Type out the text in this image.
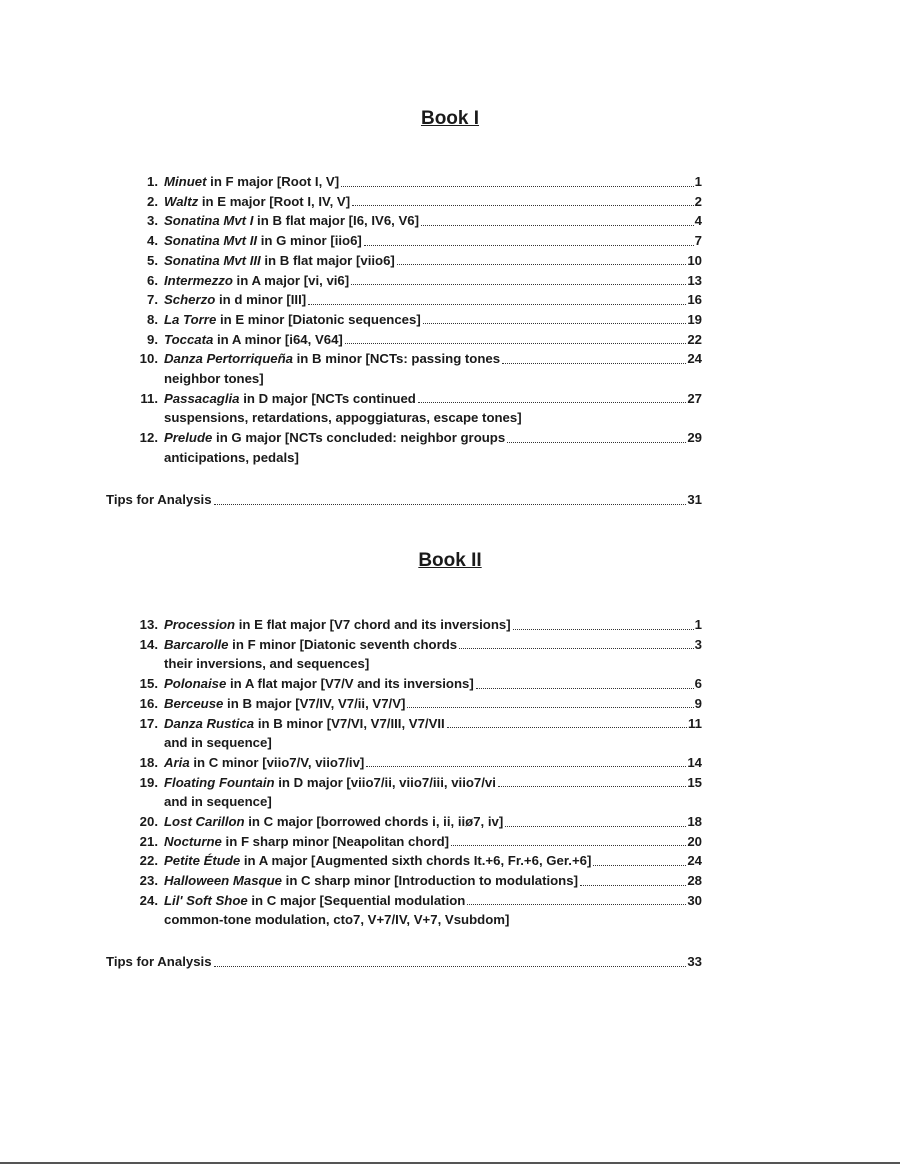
Book I
1. Minuet in F major [Root I, V]	1
2. Waltz in E major [Root I, IV, V]	2
3. Sonatina Mvt I in B flat major [I6, IV6, V6]	4
4. Sonatina Mvt II in G minor [iio6]	7
5. Sonatina Mvt III in B flat major [viio6]	10
6. Intermezzo in A major [vi, vi6]	13
7. Scherzo in d minor [III]	16
8. La Torre in E minor [Diatonic sequences]	19
9. Toccata in A minor [i64, V64]	22
10. Danza Pertorriqueña in B minor [NCTs: passing tones	24
neighbor tones]
11. Passacaglia in D major [NCTs continued	27
suspensions, retardations, appoggiaturas, escape tones]
12. Prelude in G major [NCTs concluded: neighbor groups	29
anticipations, pedals]
Tips for Analysis	31
Book II
13. Procession in E flat major [V7 chord and its inversions]	1
14. Barcarolle in F minor [Diatonic seventh chords	3
their inversions, and sequences]
15. Polonaise in A flat major [V7/V and its inversions]	6
16. Berceuse in B major [V7/IV, V7/ii, V7/V]	9
17. Danza Rustica in B minor [V7/VI, V7/III, V7/VII	11
and in sequence]
18. Aria in C minor [viio7/V, viio7/iv]	14
19. Floating Fountain in D major [viio7/ii, viio7/iii, viio7/vi	15
and in sequence]
20. Lost Carillon in C major [borrowed chords i, ii, iiø7, iv]	18
21. Nocturne in F sharp minor [Neapolitan chord]	20
22. Petite Étude in A major [Augmented sixth chords It.+6, Fr.+6, Ger.+6]	24
23. Halloween Masque in C sharp minor [Introduction to modulations]	28
24. Lil' Soft Shoe in C major [Sequential modulation	30
common-tone modulation, cto7, V+7/IV, V+7, Vsubdom]
Tips for Analysis	33
